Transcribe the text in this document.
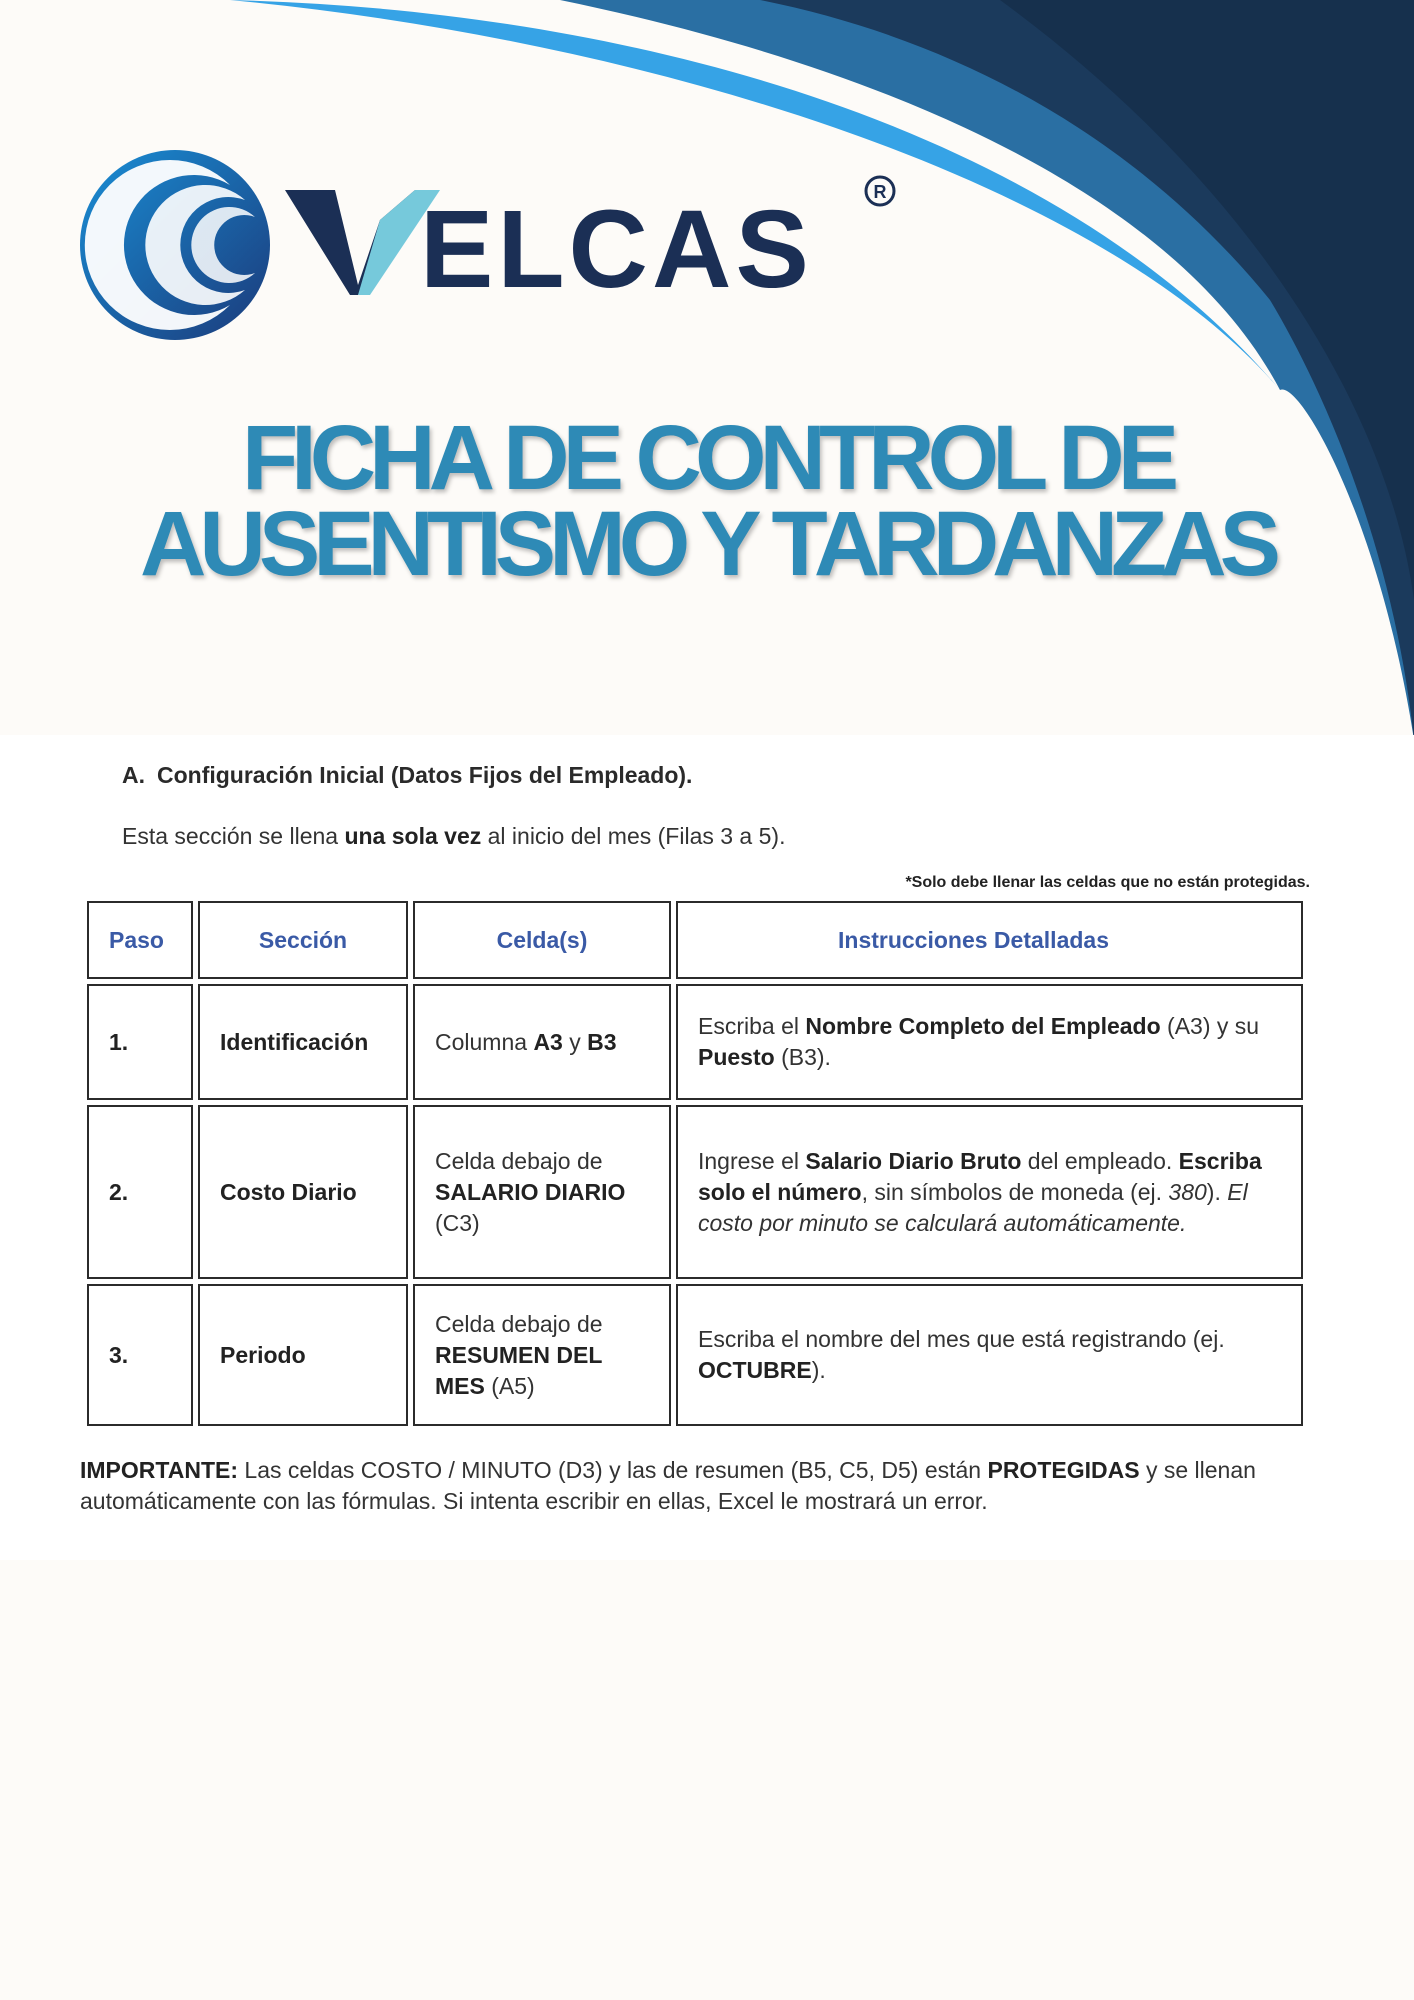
ELCAS	R
FICHA DE CONTROL DE
AUSENTISMO Y TARDANZAS
A. Configuración Inicial (Datos Fijos del Empleado).
Esta sección se llena una sola vez al inicio del mes (Filas 3 a 5).
*Solo debe llenar las celdas que no están protegidas.
Paso	Sección	Celda(s)	Instrucciones Detalladas
1.	Identificación	Columna A3 y B3	Escriba el Nombre Completo del Empleado (A3) y su Puesto (B3).
2.	Costo Diario	Celda debajo de SALARIO DIARIO (C3)	Ingrese el Salario Diario Bruto del empleado. Escriba solo el número, sin símbolos de moneda (ej. 380). El costo por minuto se calculará automáticamente.
3.	Periodo	Celda debajo de RESUMEN DEL MES (A5)	Escriba el nombre del mes que está registrando (ej. OCTUBRE).
IMPORTANTE: Las celdas COSTO / MINUTO (D3) y las de resumen (B5, C5, D5) están PROTEGIDAS y se llenan automáticamente con las fórmulas. Si intenta escribir en ellas, Excel le mostrará un error.
